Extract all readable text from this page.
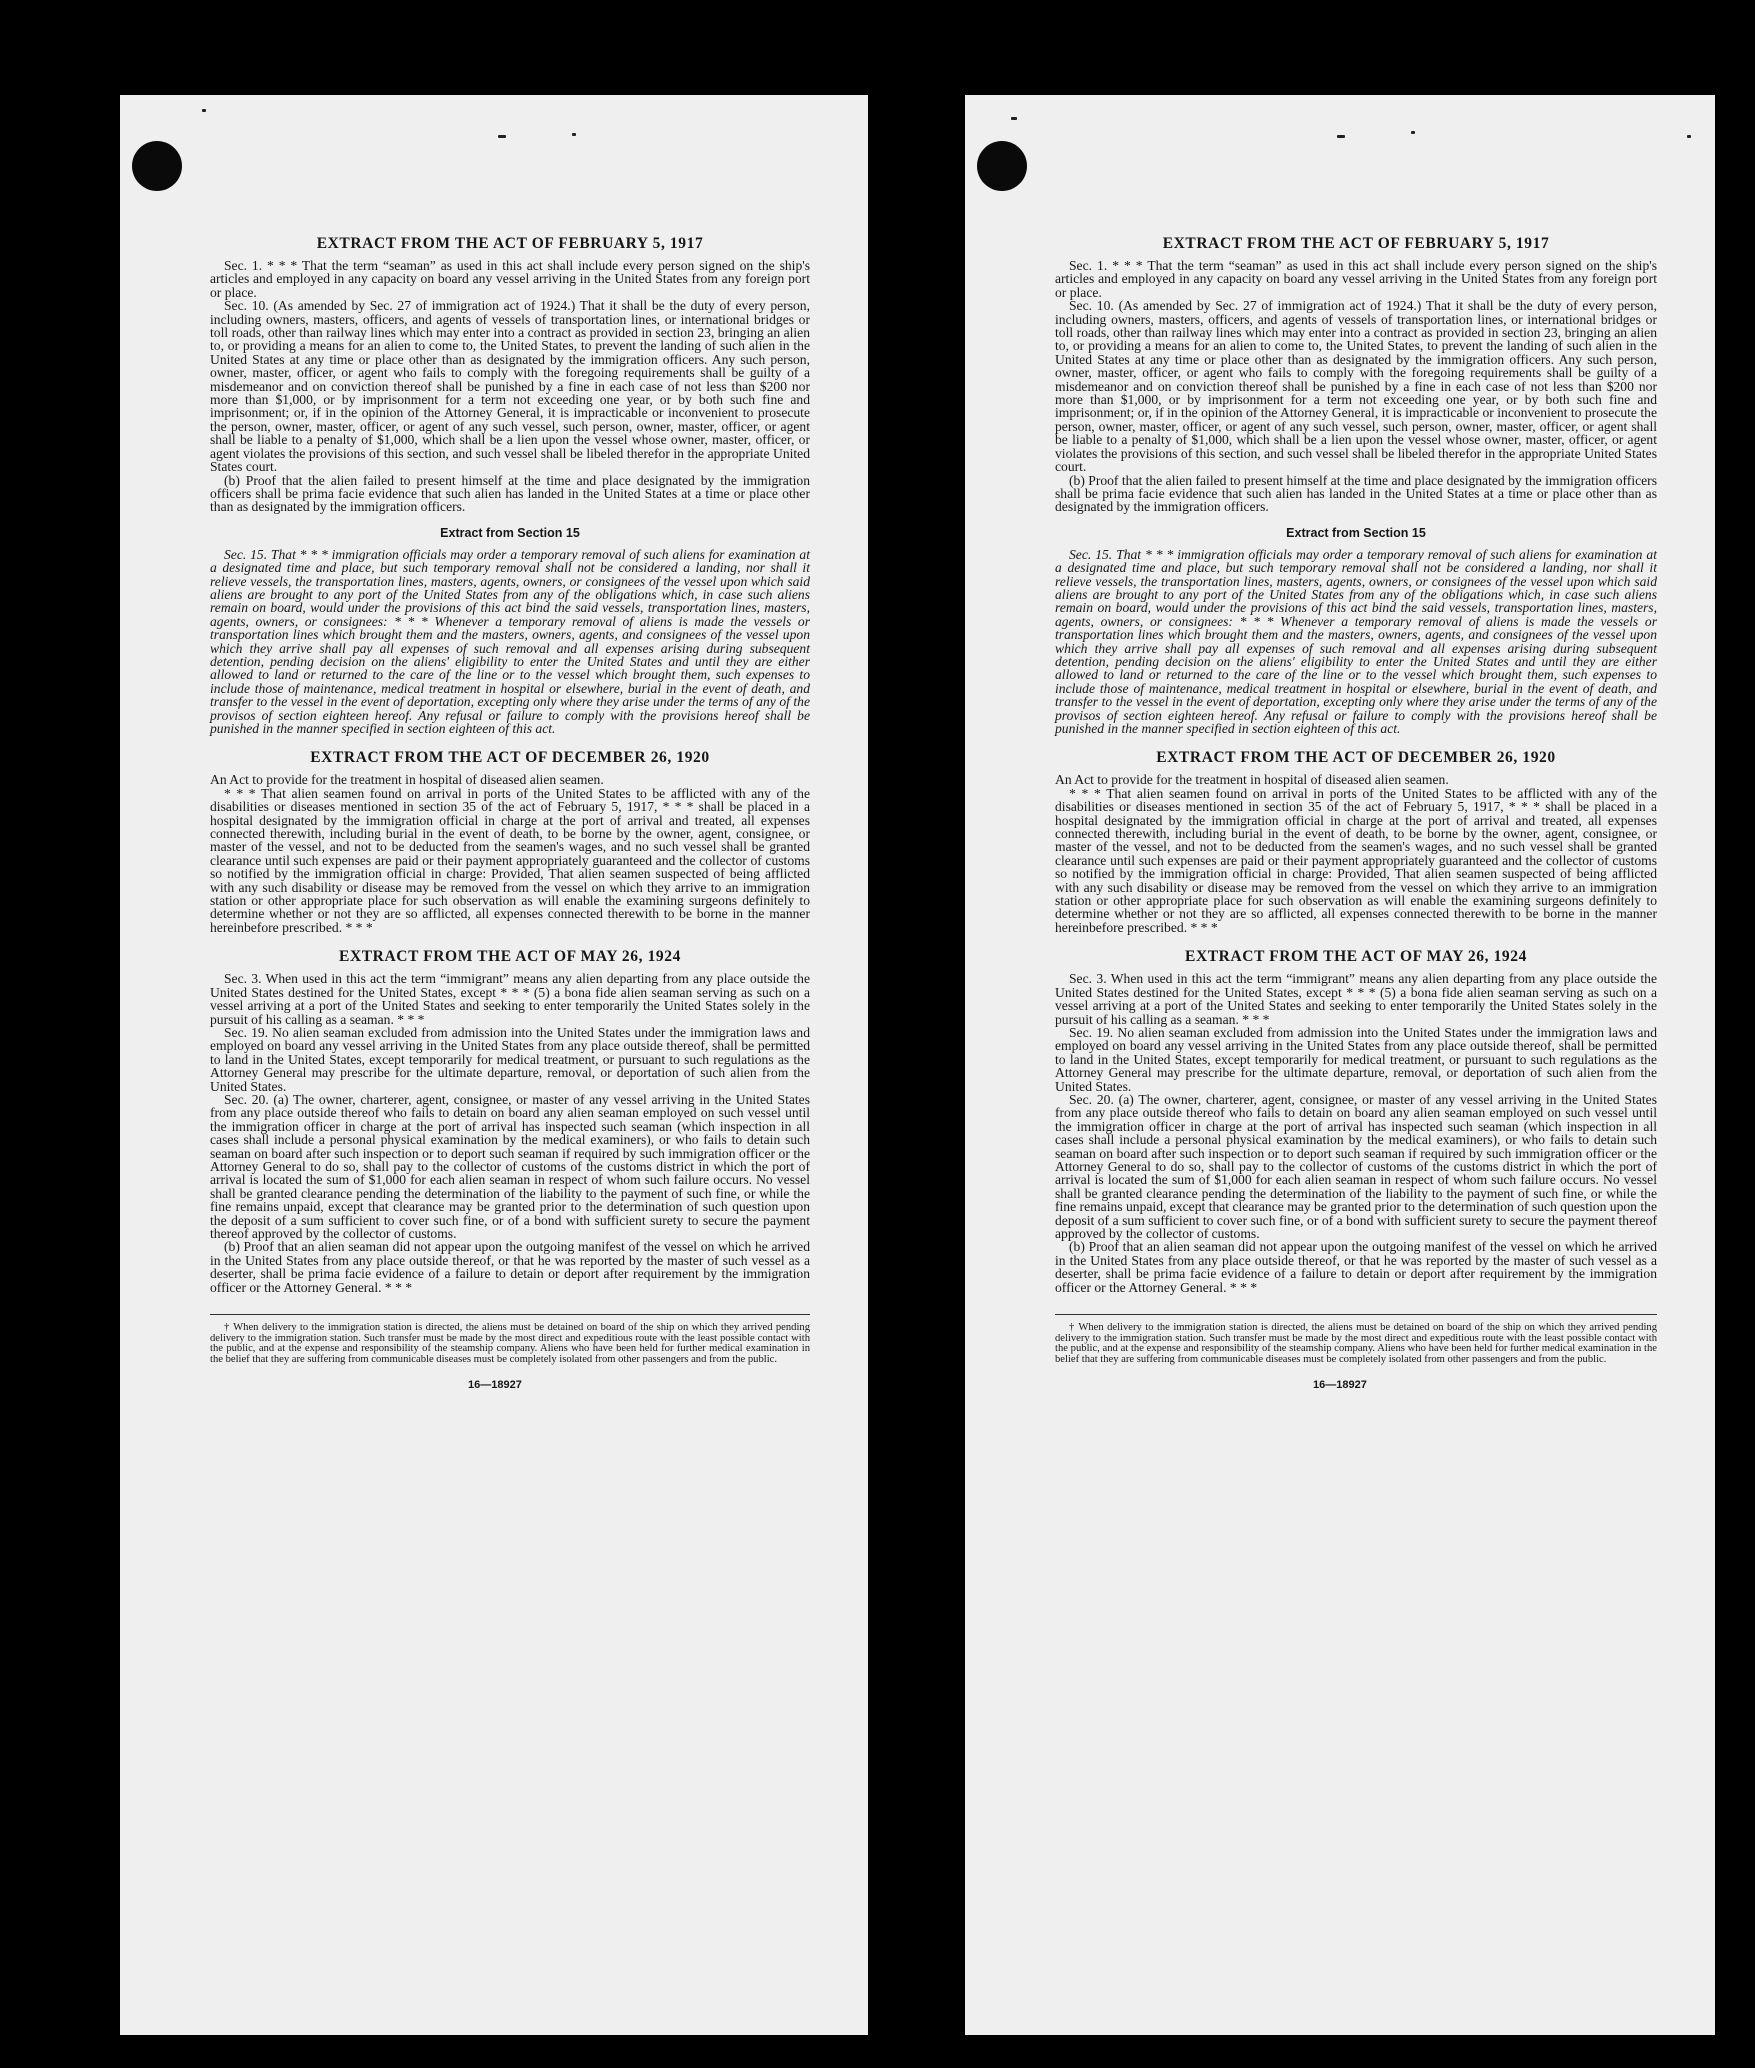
EXTRACT FROM THE ACT OF FEBRUARY 5, 1917

Sec. 1. * * * That the term “seaman” as used in this act shall include every person signed on the ship's articles and employed in any capacity on board any vessel arriving in the United States from any foreign port or place.

Sec. 10. (As amended by Sec. 27 of immigration act of 1924.) That it shall be the duty of every person, including owners, masters, officers, and agents of vessels of transportation lines, or international bridges or toll roads, other than railway lines which may enter into a contract as provided in section 23, bringing an alien to, or providing a means for an alien to come to, the United States, to prevent the landing of such alien in the United States at any time or place other than as designated by the immigration officers. Any such person, owner, master, officer, or agent who fails to comply with the foregoing requirements shall be guilty of a misdemeanor and on conviction thereof shall be punished by a fine in each case of not less than $200 nor more than $1,000, or by imprisonment for a term not exceeding one year, or by both such fine and imprisonment; or, if in the opinion of the Attorney General, it is impracticable or inconvenient to prosecute the person, owner, master, officer, or agent of any such vessel, such person, owner, master, officer, or agent shall be liable to a penalty of $1,000, which shall be a lien upon the vessel whose owner, master, officer, or agent violates the provisions of this section, and such vessel shall be libeled therefor in the appropriate United States court.

(b) Proof that the alien failed to present himself at the time and place designated by the immigration officers shall be prima facie evidence that such alien has landed in the United States at a time or place other than as designated by the immigration officers.

Extract from Section 15

Sec. 15. That * * * immigration officials may order a temporary removal of such aliens for examination at a designated time and place, but such temporary removal shall not be considered a landing, nor shall it relieve vessels, the transportation lines, masters, agents, owners, or consignees of the vessel upon which said aliens are brought to any port of the United States from any of the obligations which, in case such aliens remain on board, would under the provisions of this act bind the said vessels, transportation lines, masters, agents, owners, or consignees: * * * Whenever a temporary removal of aliens is made the vessels or transportation lines which brought them and the masters, owners, agents, and consignees of the vessel upon which they arrive shall pay all expenses of such removal and all expenses arising during subsequent detention, pending decision on the aliens' eligibility to enter the United States and until they are either allowed to land or returned to the care of the line or to the vessel which brought them, such expenses to include those of maintenance, medical treatment in hospital or elsewhere, burial in the event of death, and transfer to the vessel in the event of deportation, excepting only where they arise under the terms of any of the provisos of section eighteen hereof. Any refusal or failure to comply with the provisions hereof shall be punished in the manner specified in section eighteen of this act.

EXTRACT FROM THE ACT OF DECEMBER 26, 1920

An Act to provide for the treatment in hospital of diseased alien seamen.

* * * That alien seamen found on arrival in ports of the United States to be afflicted with any of the disabilities or diseases mentioned in section 35 of the act of February 5, 1917, * * * shall be placed in a hospital designated by the immigration official in charge at the port of arrival and treated, all expenses connected therewith, including burial in the event of death, to be borne by the owner, agent, consignee, or master of the vessel, and not to be deducted from the seamen's wages, and no such vessel shall be granted clearance until such expenses are paid or their payment appropriately guaranteed and the collector of customs so notified by the immigration official in charge: Provided, That alien seamen suspected of being afflicted with any such disability or disease may be removed from the vessel on which they arrive to an immigration station or other appropriate place for such observation as will enable the examining surgeons definitely to determine whether or not they are so afflicted, all expenses connected therewith to be borne in the manner hereinbefore prescribed. * * *

EXTRACT FROM THE ACT OF MAY 26, 1924

Sec. 3. When used in this act the term “immigrant” means any alien departing from any place outside the United States destined for the United States, except * * * (5) a bona fide alien seaman serving as such on a vessel arriving at a port of the United States and seeking to enter temporarily the United States solely in the pursuit of his calling as a seaman. * * *

Sec. 19. No alien seaman excluded from admission into the United States under the immigration laws and employed on board any vessel arriving in the United States from any place outside thereof, shall be permitted to land in the United States, except temporarily for medical treatment, or pursuant to such regulations as the Attorney General may prescribe for the ultimate departure, removal, or deportation of such alien from the United States.

Sec. 20. (a) The owner, charterer, agent, consignee, or master of any vessel arriving in the United States from any place outside thereof who fails to detain on board any alien seaman employed on such vessel until the immigration officer in charge at the port of arrival has inspected such seaman (which inspection in all cases shall include a personal physical examination by the medical examiners), or who fails to detain such seaman on board after such inspection or to deport such seaman if required by such immigration officer or the Attorney General to do so, shall pay to the collector of customs of the customs district in which the port of arrival is located the sum of $1,000 for each alien seaman in respect of whom such failure occurs. No vessel shall be granted clearance pending the determination of the liability to the payment of such fine, or while the fine remains unpaid, except that clearance may be granted prior to the determination of such question upon the deposit of a sum sufficient to cover such fine, or of a bond with sufficient surety to secure the payment thereof approved by the collector of customs.

(b) Proof that an alien seaman did not appear upon the outgoing manifest of the vessel on which he arrived in the United States from any place outside thereof, or that he was reported by the master of such vessel as a deserter, shall be prima facie evidence of a failure to detain or deport after requirement by the immigration officer or the Attorney General. * * *

† When delivery to the immigration station is directed, the aliens must be detained on board of the ship on which they arrived pending delivery to the immigration station. Such transfer must be made by the most direct and expeditious route with the least possible contact with the public, and at the expense and responsibility of the steamship company. Aliens who have been held for further medical examination in the belief that they are suffering from communicable diseases must be completely isolated from other passengers and from the public.

16—18927
EXTRACT FROM THE ACT OF FEBRUARY 5, 1917

Sec. 1. * * * That the term “seaman” as used in this act shall include every person signed on the ship's articles and employed in any capacity on board any vessel arriving in the United States from any foreign port or place.

Sec. 10. (As amended by Sec. 27 of immigration act of 1924.) That it shall be the duty of every person, including owners, masters, officers, and agents of vessels of transportation lines, or international bridges or toll roads, other than railway lines which may enter into a contract as provided in section 23, bringing an alien to, or providing a means for an alien to come to, the United States, to prevent the landing of such alien in the United States at any time or place other than as designated by the immigration officers. Any such person, owner, master, officer, or agent who fails to comply with the foregoing requirements shall be guilty of a misdemeanor and on conviction thereof shall be punished by a fine in each case of not less than $200 nor more than $1,000, or by imprisonment for a term not exceeding one year, or by both such fine and imprisonment; or, if in the opinion of the Attorney General, it is impracticable or inconvenient to prosecute the person, owner, master, officer, or agent of any such vessel, such person, owner, master, officer, or agent shall be liable to a penalty of $1,000, which shall be a lien upon the vessel whose owner, master, officer, or agent violates the provisions of this section, and such vessel shall be libeled therefor in the appropriate United States court.

(b) Proof that the alien failed to present himself at the time and place designated by the immigration officers shall be prima facie evidence that such alien has landed in the United States at a time or place other than as designated by the immigration officers.

Extract from Section 15

Sec. 15. That * * * immigration officials may order a temporary removal of such aliens for examination at a designated time and place, but such temporary removal shall not be considered a landing, nor shall it relieve vessels, the transportation lines, masters, agents, owners, or consignees of the vessel upon which said aliens are brought to any port of the United States from any of the obligations which, in case such aliens remain on board, would under the provisions of this act bind the said vessels, transportation lines, masters, agents, owners, or consignees: * * * Whenever a temporary removal of aliens is made the vessels or transportation lines which brought them and the masters, owners, agents, and consignees of the vessel upon which they arrive shall pay all expenses of such removal and all expenses arising during subsequent detention, pending decision on the aliens' eligibility to enter the United States and until they are either allowed to land or returned to the care of the line or to the vessel which brought them, such expenses to include those of maintenance, medical treatment in hospital or elsewhere, burial in the event of death, and transfer to the vessel in the event of deportation, excepting only where they arise under the terms of any of the provisos of section eighteen hereof. Any refusal or failure to comply with the provisions hereof shall be punished in the manner specified in section eighteen of this act.

EXTRACT FROM THE ACT OF DECEMBER 26, 1920

An Act to provide for the treatment in hospital of diseased alien seamen.

* * * That alien seamen found on arrival in ports of the United States to be afflicted with any of the disabilities or diseases mentioned in section 35 of the act of February 5, 1917, * * * shall be placed in a hospital designated by the immigration official in charge at the port of arrival and treated, all expenses connected therewith, including burial in the event of death, to be borne by the owner, agent, consignee, or master of the vessel, and not to be deducted from the seamen's wages, and no such vessel shall be granted clearance until such expenses are paid or their payment appropriately guaranteed and the collector of customs so notified by the immigration official in charge: Provided, That alien seamen suspected of being afflicted with any such disability or disease may be removed from the vessel on which they arrive to an immigration station or other appropriate place for such observation as will enable the examining surgeons definitely to determine whether or not they are so afflicted, all expenses connected therewith to be borne in the manner hereinbefore prescribed. * * *

EXTRACT FROM THE ACT OF MAY 26, 1924

Sec. 3. When used in this act the term “immigrant” means any alien departing from any place outside the United States destined for the United States, except * * * (5) a bona fide alien seaman serving as such on a vessel arriving at a port of the United States and seeking to enter temporarily the United States solely in the pursuit of his calling as a seaman. * * *

Sec. 19. No alien seaman excluded from admission into the United States under the immigration laws and employed on board any vessel arriving in the United States from any place outside thereof, shall be permitted to land in the United States, except temporarily for medical treatment, or pursuant to such regulations as the Attorney General may prescribe for the ultimate departure, removal, or deportation of such alien from the United States.

Sec. 20. (a) The owner, charterer, agent, consignee, or master of any vessel arriving in the United States from any place outside thereof who fails to detain on board any alien seaman employed on such vessel until the immigration officer in charge at the port of arrival has inspected such seaman (which inspection in all cases shall include a personal physical examination by the medical examiners), or who fails to detain such seaman on board after such inspection or to deport such seaman if required by such immigration officer or the Attorney General to do so, shall pay to the collector of customs of the customs district in which the port of arrival is located the sum of $1,000 for each alien seaman in respect of whom such failure occurs. No vessel shall be granted clearance pending the determination of the liability to the payment of such fine, or while the fine remains unpaid, except that clearance may be granted prior to the determination of such question upon the deposit of a sum sufficient to cover such fine, or of a bond with sufficient surety to secure the payment thereof approved by the collector of customs.

(b) Proof that an alien seaman did not appear upon the outgoing manifest of the vessel on which he arrived in the United States from any place outside thereof, or that he was reported by the master of such vessel as a deserter, shall be prima facie evidence of a failure to detain or deport after requirement by the immigration officer or the Attorney General. * * *

† When delivery to the immigration station is directed, the aliens must be detained on board of the ship on which they arrived pending delivery to the immigration station. Such transfer must be made by the most direct and expeditious route with the least possible contact with the public, and at the expense and responsibility of the steamship company. Aliens who have been held for further medical examination in the belief that they are suffering from communicable diseases must be completely isolated from other passengers and from the public.

16—18927
